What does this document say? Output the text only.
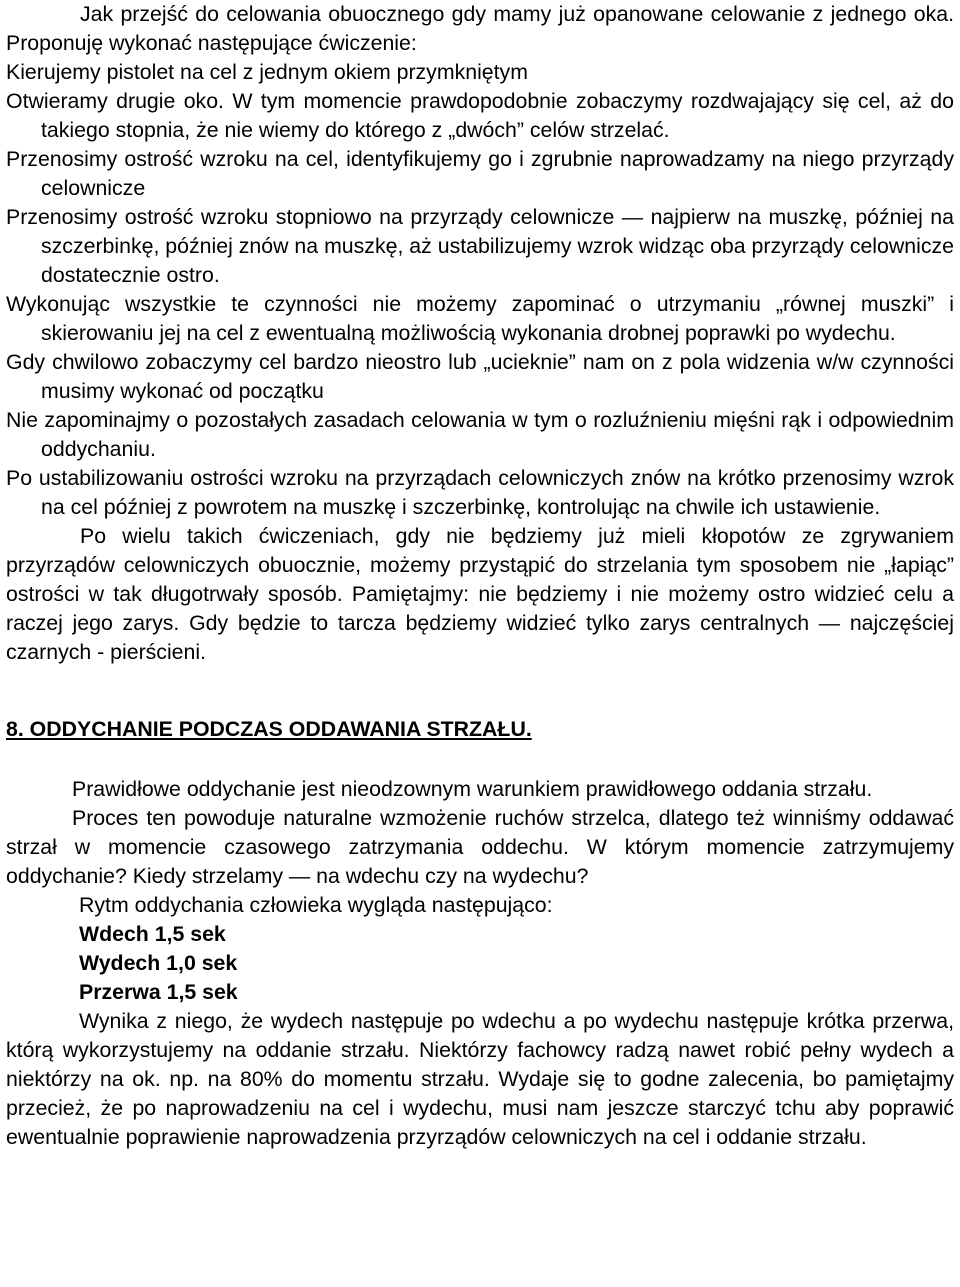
Jak przejść do celowania obuocznego gdy mamy już opanowane celowanie z jednego oka. Proponuję wykonać następujące ćwiczenie:

Kierujemy pistolet na cel z jednym okiem przymkniętym

Otwieramy drugie oko. W tym momencie prawdopodobnie zobaczymy rozdwajający się cel, aż do takiego stopnia, że nie wiemy do którego z „dwóch” celów strzelać.

Przenosimy ostrość wzroku na cel, identyfikujemy go i zgrubnie naprowadzamy na niego przyrządy celownicze

Przenosimy ostrość wzroku stopniowo na przyrządy celownicze — najpierw na muszkę, później na szczerbinkę, później znów na muszkę, aż ustabilizujemy wzrok widząc oba przyrządy celownicze dostatecznie ostro.

Wykonując wszystkie te czynności nie możemy zapominać o utrzymaniu „równej muszki” i skierowaniu jej na cel z ewentualną możliwością wykonania drobnej poprawki po wydechu.

Gdy chwilowo zobaczymy cel bardzo nieostro lub „ucieknie” nam on z pola widzenia w/w czynności musimy wykonać od początku

Nie zapominajmy o pozostałych zasadach celowania w tym o rozluźnieniu mięśni rąk i odpowiednim oddychaniu.

Po ustabilizowaniu ostrości wzroku na przyrządach celowniczych znów na krótko przenosimy wzrok na cel później z powrotem na muszkę i szczerbinkę, kontrolując na chwile ich ustawienie.

Po wielu takich ćwiczeniach, gdy nie będziemy już mieli kłopotów ze zgrywaniem przyrządów celowniczych obuocznie, możemy przystąpić do strzelania tym sposobem nie „łapiąc” ostrości w tak długotrwały sposób. Pamiętajmy: nie będziemy i nie możemy ostro widzieć celu a raczej jego zarys. Gdy będzie to tarcza będziemy widzieć tylko zarys centralnych — najczęściej czarnych - pierścieni.

8. ODDYCHANIE PODCZAS ODDAWANIA STRZAŁU.

Prawidłowe oddychanie jest nieodzownym warunkiem prawidłowego oddania strzału.

Proces ten powoduje naturalne wzmożenie ruchów strzelca, dlatego też winniśmy oddawać strzał w momencie czasowego zatrzymania oddechu. W którym momencie zatrzymujemy oddychanie? Kiedy strzelamy — na wdechu czy na wydechu?

Rytm oddychania człowieka wygląda następująco:

Wdech 1,5 sek

Wydech 1,0 sek

Przerwa 1,5 sek

Wynika z niego, że wydech następuje po wdechu a po wydechu następuje krótka przerwa, którą wykorzystujemy na oddanie strzału. Niektórzy fachowcy radzą nawet robić pełny wydech a niektórzy na ok. np. na 80% do momentu strzału. Wydaje się to godne zalecenia, bo pamiętajmy przecież, że po naprowadzeniu na cel i wydechu, musi nam jeszcze starczyć tchu aby poprawić ewentualnie poprawienie naprowadzenia przyrządów celowniczych na cel i oddanie strzału.
